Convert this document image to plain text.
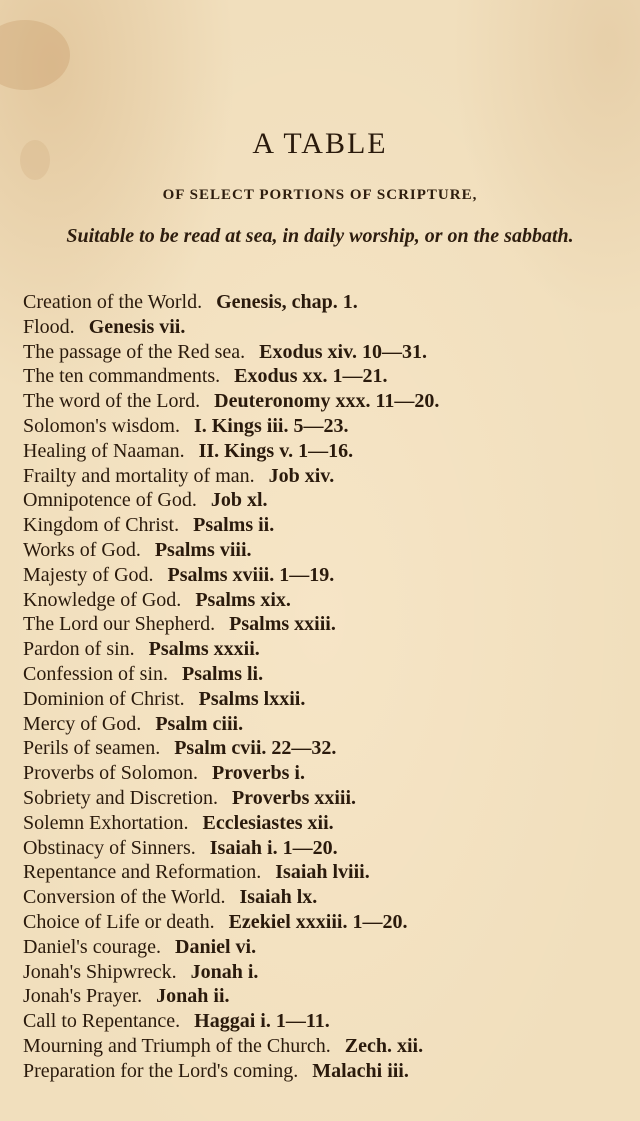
A TABLE
OF SELECT PORTIONS OF SCRIPTURE,
Suitable to be read at sea, in daily worship, or on the sabbath.
Creation of the World. Genesis, chap. 1.
Flood. Genesis vii.
The passage of the Red sea. Exodus xiv. 10—31.
The ten commandments. Exodus xx. 1—21.
The word of the Lord. Deuteronomy xxx. 11—20.
Solomon's wisdom. I. Kings iii. 5—23.
Healing of Naaman. II. Kings v. 1—16.
Frailty and mortality of man. Job xiv.
Omnipotence of God. Job xl.
Kingdom of Christ. Psalms ii.
Works of God. Psalms viii.
Majesty of God. Psalms xviii. 1—19.
Knowledge of God. Psalms xix.
The Lord our Shepherd. Psalms xxiii.
Pardon of sin. Psalms xxxii.
Confession of sin. Psalms li.
Dominion of Christ. Psalms lxxii.
Mercy of God. Psalm ciii.
Perils of seamen. Psalm cvii. 22—32.
Proverbs of Solomon. Proverbs i.
Sobriety and Discretion. Proverbs xxiii.
Solemn Exhortation. Ecclesiastes xii.
Obstinacy of Sinners. Isaiah i. 1—20.
Repentance and Reformation. Isaiah lviii.
Conversion of the World. Isaiah lx.
Choice of Life or death. Ezekiel xxxiii. 1—20.
Daniel's courage. Daniel vi.
Jonah's Shipwreck. Jonah i.
Jonah's Prayer. Jonah ii.
Call to Repentance. Haggai i. 1—11.
Mourning and Triumph of the Church. Zech. xii.
Preparation for the Lord's coming. Malachi iii.
